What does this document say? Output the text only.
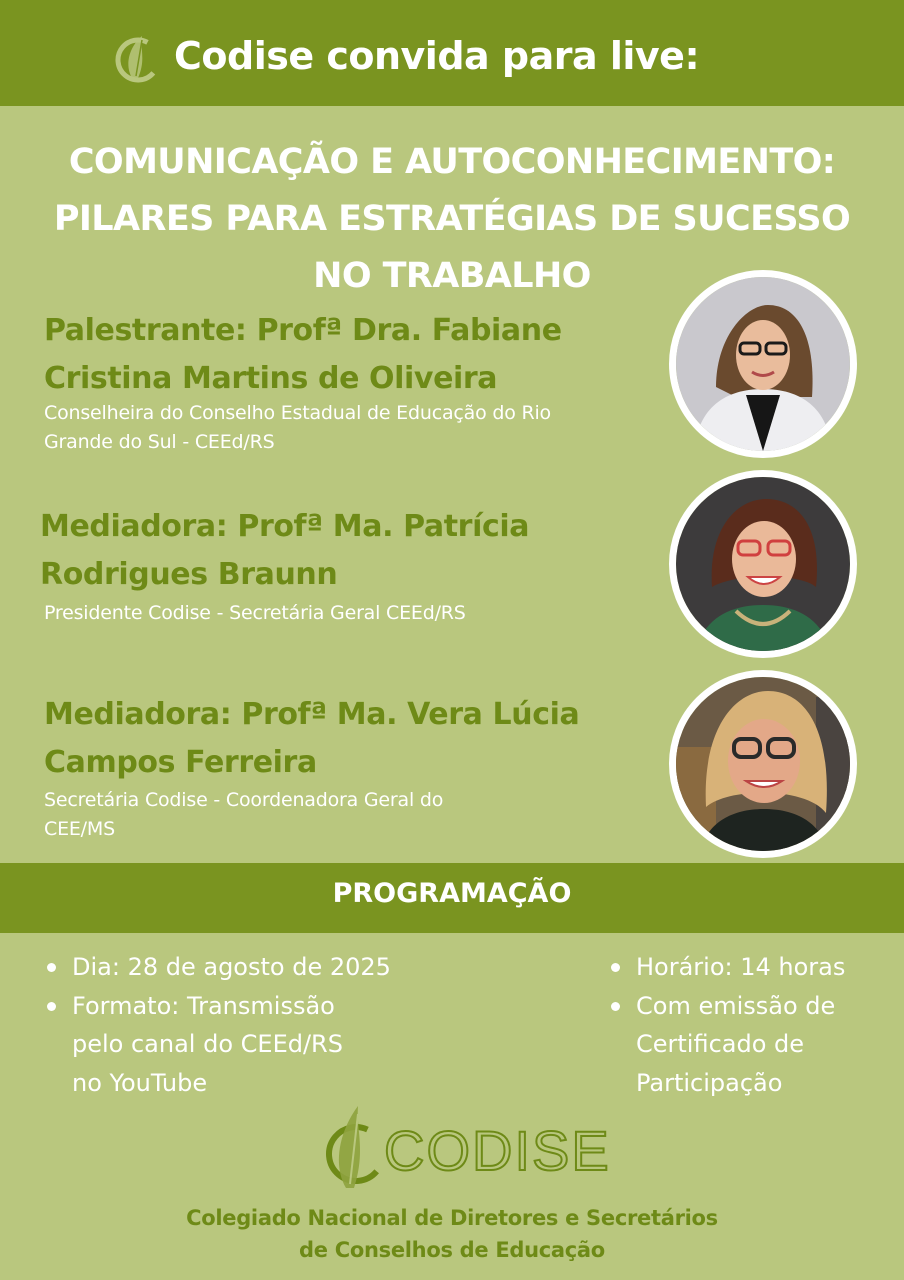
Codise convida para live:
COMUNICAÇÃO E AUTOCONHECIMENTO:
PILARES PARA ESTRATÉGIAS DE SUCESSO
NO TRABALHO
Palestrante: Profª Dra. Fabiane
Cristina Martins de Oliveira
Conselheira do Conselho Estadual de Educação do Rio
Grande do Sul - CEEd/RS
Mediadora: Profª Ma. Patrícia
Rodrigues Braunn
Presidente Codise - Secretária Geral CEEd/RS
Mediadora: Profª Ma. Vera Lúcia
Campos Ferreira
Secretária Codise - Coordenadora Geral do
CEE/MS
PROGRAMAÇÃO
Dia: 28 de agosto de 2025
Formato: Transmissão
pelo canal do CEEd/RS
no YouTube
Horário: 14 horas
Com emissão de
Certificado de
Participação
CODISE
Colegiado Nacional de Diretores e Secretários
de Conselhos de Educação
